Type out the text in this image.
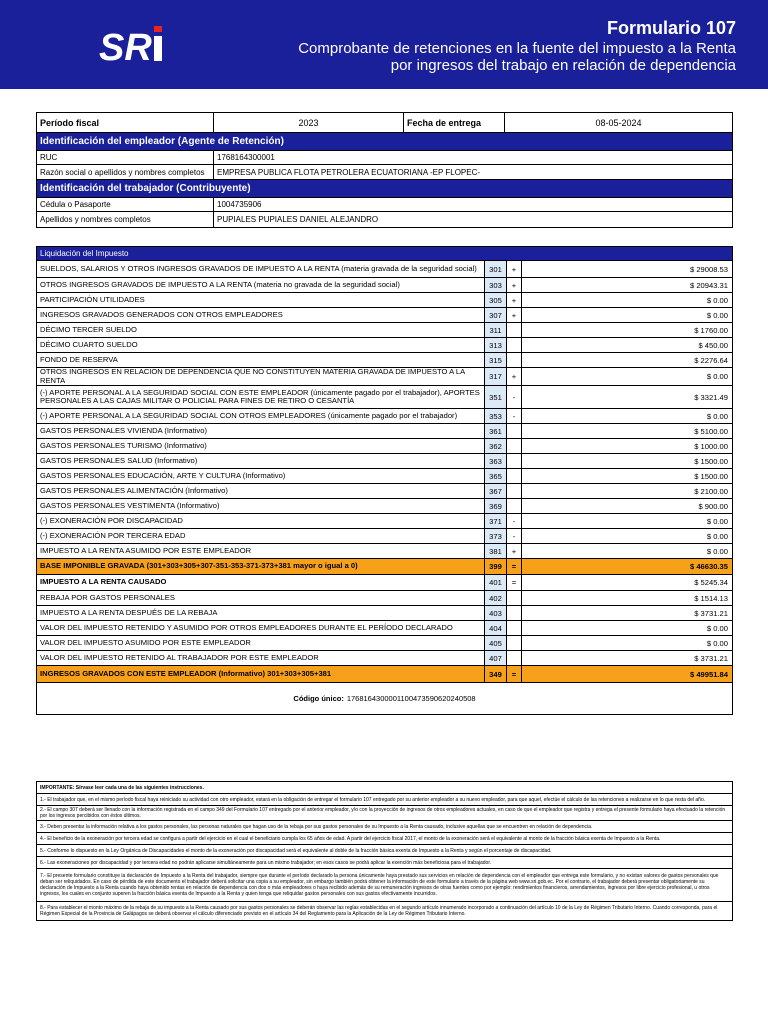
SR	Formulario 107
Comprobante de retenciones en la fuente del impuesto a la Renta
por ingresos del trabajo en relación de dependencia
Período fiscal	2023	Fecha de entrega	08-05-2024
Identificación del empleador (Agente de Retención)
RUC	1768164300001
Razón social o apellidos y nombres completos	EMPRESA PUBLICA FLOTA PETROLERA ECUATORIANA -EP FLOPEC-
Identificación del trabajador (Contribuyente)
Cédula o Pasaporte	1004735906
Apellidos y nombres completos	PUPIALES PUPIALES DANIEL ALEJANDRO
Liquidación del Impuesto
SUELDOS, SALARIOS Y OTROS INGRESOS GRAVADOS DE IMPUESTO A LA RENTA (materia gravada de la seguridad social)	301	+	$ 29008.53
OTROS INGRESOS GRAVADOS DE IMPUESTO A LA RENTA (materia no gravada de la seguridad social)	303	+	$ 20943.31
PARTICIPACIÓN UTILIDADES	305	+	$ 0.00
INGRESOS GRAVADOS GENERADOS CON OTROS EMPLEADORES	307	+	$ 0.00
DÉCIMO TERCER SUELDO	311	$ 1760.00
DÉCIMO CUARTO SUELDO	313	$ 450.00
FONDO DE RESERVA	315	$ 2276.64
OTROS INGRESOS EN RELACIÓN DE DEPENDENCIA QUE NO CONSTITUYEN MATERIA GRAVADA DE IMPUESTO A LA RENTA	317	+	$ 0.00
(-) APORTE PERSONAL A LA SEGURIDAD SOCIAL CON ESTE EMPLEADOR (únicamente pagado por el trabajador), APORTES PERSONALES A LAS CAJAS MILITAR O POLICIAL PARA FINES DE RETIRO O CESANTÍA	351	-	$ 3321.49
(-) APORTE PERSONAL A LA SEGURIDAD SOCIAL CON OTROS EMPLEADORES (únicamente pagado por el trabajador)	353	-	$ 0.00
GASTOS PERSONALES VIVIENDA (Informativo)	361	$ 5100.00
GASTOS PERSONALES TURISMO (Informativo)	362	$ 1000.00
GASTOS PERSONALES SALUD (Informativo)	363	$ 1500.00
GASTOS PERSONALES EDUCACIÓN, ARTE Y CULTURA (Informativo)	365	$ 1500.00
GASTOS PERSONALES ALIMENTACIÓN (Informativo)	367	$ 2100.00
GASTOS PERSONALES VESTIMENTA (Informativo)	369	$ 900.00
(-) EXONERACIÓN POR DISCAPACIDAD	371	-	$ 0.00
(-) EXONERACIÓN POR TERCERA EDAD	373	-	$ 0.00
IMPUESTO A LA RENTA ASUMIDO POR ESTE EMPLEADOR	381	+	$ 0.00
BASE IMPONIBLE GRAVADA (301+303+305+307-351-353-371-373+381 mayor o igual a 0)	399	=	$ 46630.35
IMPUESTO A LA RENTA CAUSADO	401	=	$ 5245.34
REBAJA POR GASTOS PERSONALES	402	$ 1514.13
IMPUESTO A LA RENTA DESPUÉS DE LA REBAJA	403	$ 3731.21
VALOR DEL IMPUESTO RETENIDO Y ASUMIDO POR OTROS EMPLEADORES DURANTE EL PERÍODO DECLARADO	404	$ 0.00
VALOR DEL IMPUESTO ASUMIDO POR ESTE EMPLEADOR	405	$ 0.00
VALOR DEL IMPUESTO RETENIDO AL TRABAJADOR POR ESTE EMPLEADOR	407	$ 3731.21
INGRESOS GRAVADOS CON ESTE EMPLEADOR (Informativo) 301+303+305+381	349	=	$ 49951.84
Código único: 17681643000011004735906202405​08
IMPORTANTE: Sírvase leer cada una de las siguientes instrucciones.
1.- El trabajador que, en el mismo período fiscal haya reiniciado su actividad con otro empleador, estará en la obligación de entregar el formulario 107 entregado por su anterior empleador a su nuevo empleador, para que aquel, efectúe el cálculo de las retenciones a realizarse en lo que resta del año.
2.- El campo 307 deberá ser llenado con la información registrada en el campo 349 del Formulario 107 entregado por el anterior empleador, y/o con la proyección de ingresos de otros empleadores actuales, en caso de que el empleador que registra y entrega el presente formulario haya efectuado la retención por los ingresos percibidos con éstos últimos.
3.- Deben presentar la información relativa a los gastos personales, las personas naturales que hagan uso de la rebaja por sus gastos personales de su Impuesto a la Renta causado, inclusive aquellas que se encuentren en relación de dependencia.
4.- El beneficio de la exoneración por tercera edad se configura a partir del ejercicio en el cual el beneficiario cumpla los 65 años de edad. A partir del ejercicio fiscal 2017, el monto de la exoneración será el equivalente al monto de la fracción básica exenta de Impuesto a la Renta.
5.- Conforme lo dispuesto en la Ley Orgánica de Discapacidades el monto de la exoneración por discapacidad será el equivalente al doble de la fracción básica exenta de Impuesto a la Renta y según el porcentaje de discapacidad.
6.- Las exoneraciones por discapacidad y por tercera edad no podrán aplicarse simultáneamente para un mismo trabajador; en esos casos se podrá aplicar la exención más beneficiosa para el trabajador.
7.- El presente formulario constituye la declaración de Impuesto a la Renta del trabajador, siempre que durante el período declarado la persona únicamente haya prestado sus servicios en relación de dependencia con el empleador que entrega este formulario, y no existan valores de gastos personales que deban ser reliquidados. En caso de pérdida de este documento el trabajador deberá solicitar una copia a su empleador, sin embargo también podrá obtener la información de este formulario a través de la página web www.sri.gob.ec. Por el contrario, el trabajador deberá presentar obligatoriamente su declaración de Impuesto a la Renta cuando haya obtenido rentas en relación de dependencia con dos o más empleadores o haya recibido además de su remuneración ingresos de otras fuentes como por ejemplo: rendimientos financieros, arrendamientos, ingresos por libre ejercicio profesional, u otros ingresos, los cuales en conjunto superen la fracción básica exenta de Impuesto a la Renta y quien tenga que reliquidar gastos personales con sus gastos efectivamente incurridos.
8.- Para establecer el monto máximo de la rebaja de su impuesto a la Renta causado por sus gastos personales se deberán observar las reglas establecidas en el segundo artículo innumerado incorporado a continuación del artículo 10 de la Ley de Régimen Tributario Interno. Cuando corresponda, para el Régimen Especial de la Provincia de Galápagos se deberá observar el cálculo diferenciado previsto en el artículo 34 del Reglamento para la Aplicación de la Ley de Régimen Tributario Interno.
